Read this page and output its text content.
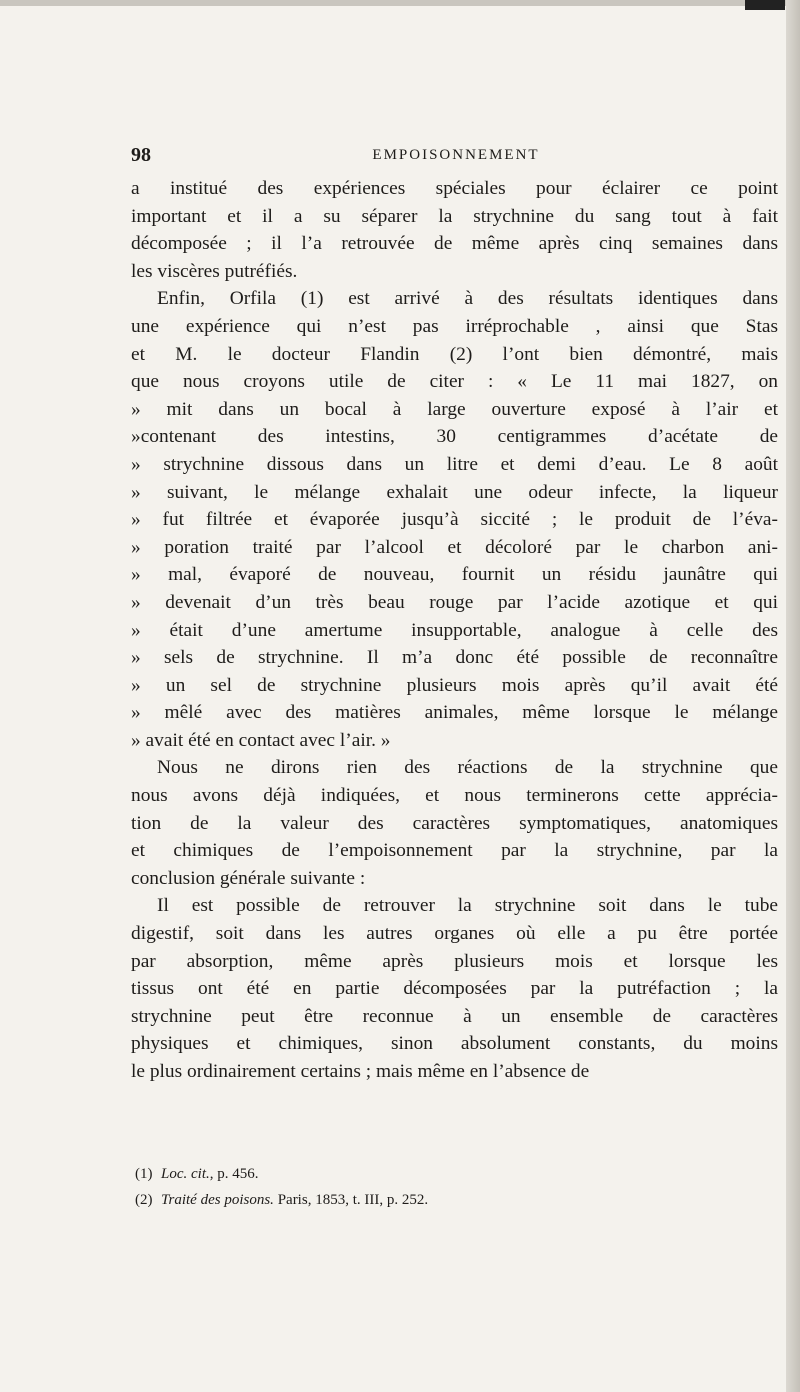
98	EMPOISONNEMENT
a institué des expériences spéciales pour éclairer ce point
important et il a su séparer la strychnine du sang tout à fait
décomposée ; il l’a retrouvée de même après cinq semaines dans
les viscères putréfiés.
Enfin, Orfila (1) est arrivé à des résultats identiques dans
une expérience qui n’est pas irréprochable , ainsi que Stas
et M. le docteur Flandin (2) l’ont bien démontré, mais
que nous croyons utile de citer : « Le 11 mai 1827, on
» mit dans un bocal à large ouverture exposé à l’air et
»contenant des intestins, 30 centigrammes d’acétate de
» strychnine dissous dans un litre et demi d’eau. Le 8 août
» suivant, le mélange exhalait une odeur infecte, la liqueur
» fut filtrée et évaporée jusqu’à siccité ; le produit de l’éva-
» poration traité par l’alcool et décoloré par le charbon ani-
» mal, évaporé de nouveau, fournit un résidu jaunâtre qui
» devenait d’un très beau rouge par l’acide azotique et qui
» était d’une amertume insupportable, analogue à celle des
» sels de strychnine. Il m’a donc été possible de reconnaître
» un sel de strychnine plusieurs mois après qu’il avait été
» mêlé avec des matières animales, même lorsque le mélange
» avait été en contact avec l’air. »
Nous ne dirons rien des réactions de la strychnine que
nous avons déjà indiquées, et nous terminerons cette apprécia-
tion de la valeur des caractères symptomatiques, anatomiques
et chimiques de l’empoisonnement par la strychnine, par la
conclusion générale suivante :
Il est possible de retrouver la strychnine soit dans le tube
digestif, soit dans les autres organes où elle a pu être portée
par absorption, même après plusieurs mois et lorsque les
tissus ont été en partie décomposées par la putréfaction ; la
strychnine peut être reconnue à un ensemble de caractères
physiques et chimiques, sinon absolument constants, du moins
le plus ordinairement certains ; mais même en l’absence de
(1) Loc. cit., p. 456.
(2) Traité des poisons. Paris, 1853, t. III, p. 252.
